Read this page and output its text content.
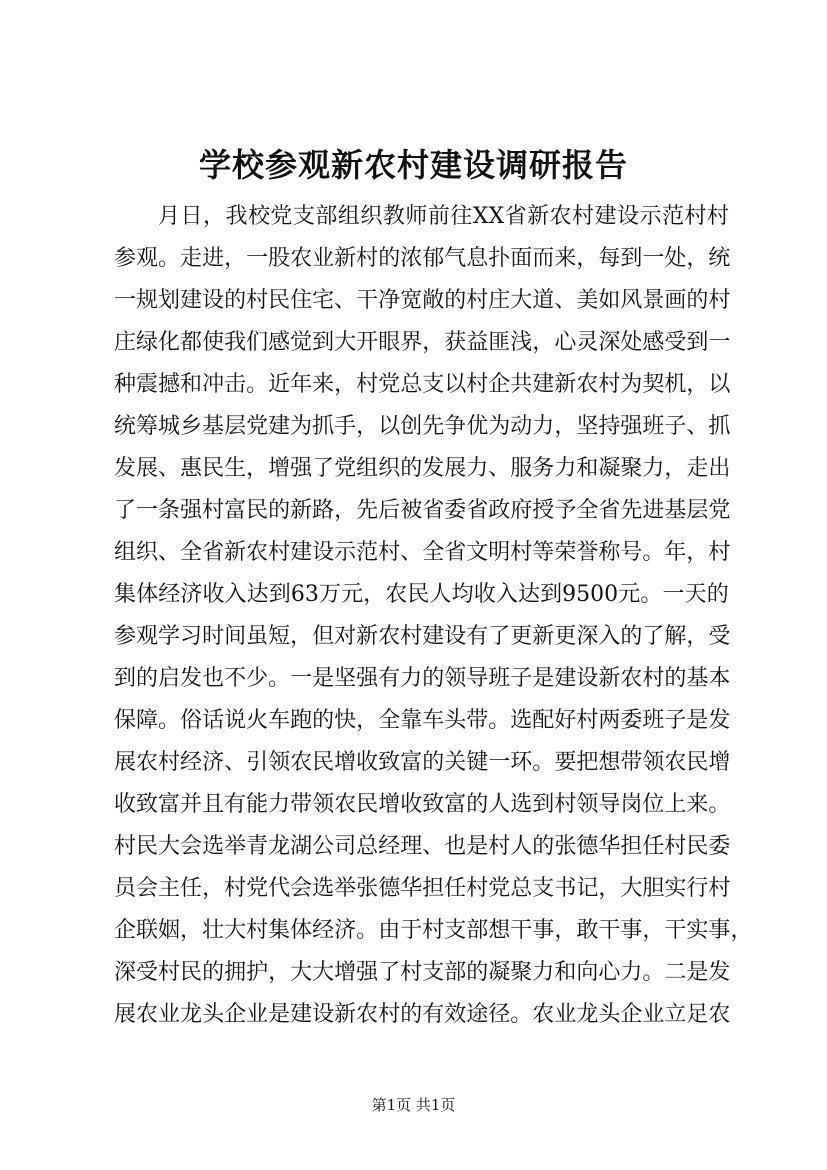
学校参观新农村建设调研报告
月 日 ， 我 校 党 支 部 组 织 教 师 前 往 XX 省 新 农 村 建 设 示 范 村 村
参 观 。 走 进 ， 一 股 农 业 新 村 的 浓 郁 气 息 扑 面 而 来 ， 每 到 一 处 ， 统
一 规 划 建 设 的 村 民 住 宅 、 干 净 宽 敞 的 村 庄 大 道 、 美 如 风 景 画 的 村
庄 绿 化 都 使 我 们 感 觉 到 大 开 眼 界 ， 获 益 匪 浅 ， 心 灵 深 处 感 受 到 一
种 震 撼 和 冲 击 。 近 年 来 ， 村 党 总 支 以 村 企 共 建 新 农 村 为 契 机 ， 以
统 筹 城 乡 基 层 党 建 为 抓 手 ， 以 创 先 争 优 为 动 力 ， 坚 持 强 班 子 、 抓
发 展 、 惠 民 生 ， 增 强 了 党 组 织 的 发 展 力 、 服 务 力 和 凝 聚 力 ， 走 出
了 一 条 强 村 富 民 的 新 路 ， 先 后 被 省 委 省 政 府 授 予 全 省 先 进 基 层 党
组 织 、 全 省 新 农 村 建 设 示 范 村 、 全 省 文 明 村 等 荣 誉 称 号 。 年 ， 村
集 体 经 济 收 入 达 到 63 万 元 ， 农 民 人 均 收 入 达 到 9500 元 。 一 天 的
参 观 学 习 时 间 虽 短 ， 但 对 新 农 村 建 设 有 了 更 新 更 深 入 的 了 解 ， 受
到 的 启 发 也 不 少 。 一 是 坚 强 有 力 的 领 导 班 子 是 建 设 新 农 村 的 基 本
保 障 。 俗 话 说 火 车 跑 的 快 ， 全 靠 车 头 带 。 选 配 好 村 两 委 班 子 是 发
展 农 村 经 济 、 引 领 农 民 增 收 致 富 的 关 键 一 环 。 要 把 想 带 领 农 民 增
收 致 富 并 且 有 能 力 带 领 农 民 增 收 致 富 的 人 选 到 村 领 导 岗 位 上 来 。
村 民 大 会 选 举 青 龙 湖 公 司 总 经 理 、 也 是 村 人 的 张 德 华 担 任 村 民 委
员 会 主 任 ， 村 党 代 会 选 举 张 德 华 担 任 村 党 总 支 书 记 ， 大 胆 实 行 村
企 联 姻 ， 壮 大 村 集 体 经 济 。 由 于 村 支 部 想 干 事 ， 敢 干 事 ， 干 实 事 ，
深 受 村 民 的 拥 护 ， 大 大 增 强 了 村 支 部 的 凝 聚 力 和 向 心 力 。 二 是 发
展 农 业 龙 头 企 业 是 建 设 新 农 村 的 有 效 途 径 。 农 业 龙 头 企 业 立 足 农
第1页 共1页
